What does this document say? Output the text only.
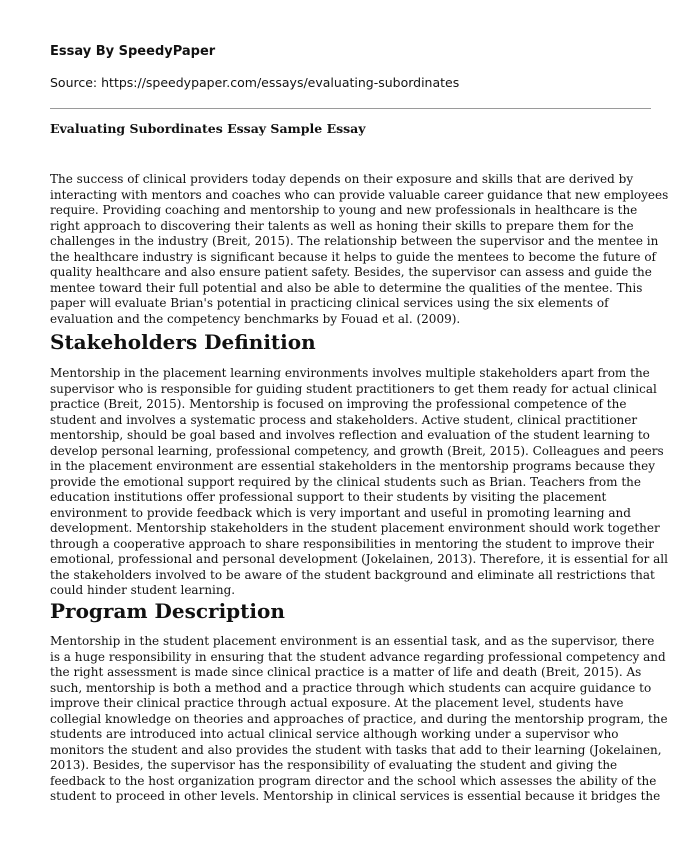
Essay By SpeedyPaper
Source: https://speedypaper.com/essays/evaluating-subordinates
Evaluating Subordinates Essay Sample Essay

The success of clinical providers today depends on their exposure and skills that are derived by

interacting with mentors and coaches who can provide valuable career guidance that new employees

require. Providing coaching and mentorship to young and new professionals in healthcare is the

right approach to discovering their talents as well as honing their skills to prepare them for the

challenges in the industry (Breit, 2015). The relationship between the supervisor and the mentee in

the healthcare industry is significant because it helps to guide the mentees to become the future of

quality healthcare and also ensure patient safety. Besides, the supervisor can assess and guide the

mentee toward their full potential and also be able to determine the qualities of the mentee. This

paper will evaluate Brian's potential in practicing clinical services using the six elements of

evaluation and the competency benchmarks by Fouad et al. (2009).

Stakeholders Definition

Mentorship in the placement learning environments involves multiple stakeholders apart from the

supervisor who is responsible for guiding student practitioners to get them ready for actual clinical

practice (Breit, 2015). Mentorship is focused on improving the professional competence of the

student and involves a systematic process and stakeholders. Active student, clinical practitioner

mentorship, should be goal based and involves reflection and evaluation of the student learning to

develop personal learning, professional competency, and growth (Breit, 2015). Colleagues and peers

in the placement environment are essential stakeholders in the mentorship programs because they

provide the emotional support required by the clinical students such as Brian. Teachers from the

education institutions offer professional support to their students by visiting the placement

environment to provide feedback which is very important and useful in promoting learning and

development. Mentorship stakeholders in the student placement environment should work together

through a cooperative approach to share responsibilities in mentoring the student to improve their

emotional, professional and personal development (Jokelainen, 2013). Therefore, it is essential for all

the stakeholders involved to be aware of the student background and eliminate all restrictions that

could hinder student learning.

Program Description

Mentorship in the student placement environment is an essential task, and as the supervisor, there

is a huge responsibility in ensuring that the student advance regarding professional competency and

the right assessment is made since clinical practice is a matter of life and death (Breit, 2015). As

such, mentorship is both a method and a practice through which students can acquire guidance to

improve their clinical practice through actual exposure. At the placement level, students have

collegial knowledge on theories and approaches of practice, and during the mentorship program, the

students are introduced into actual clinical service although working under a supervisor who

monitors the student and also provides the student with tasks that add to their learning (Jokelainen,

2013). Besides, the supervisor has the responsibility of evaluating the student and giving the

feedback to the host organization program director and the school which assesses the ability of the

student to proceed in other levels. Mentorship in clinical services is essential because it bridges the
